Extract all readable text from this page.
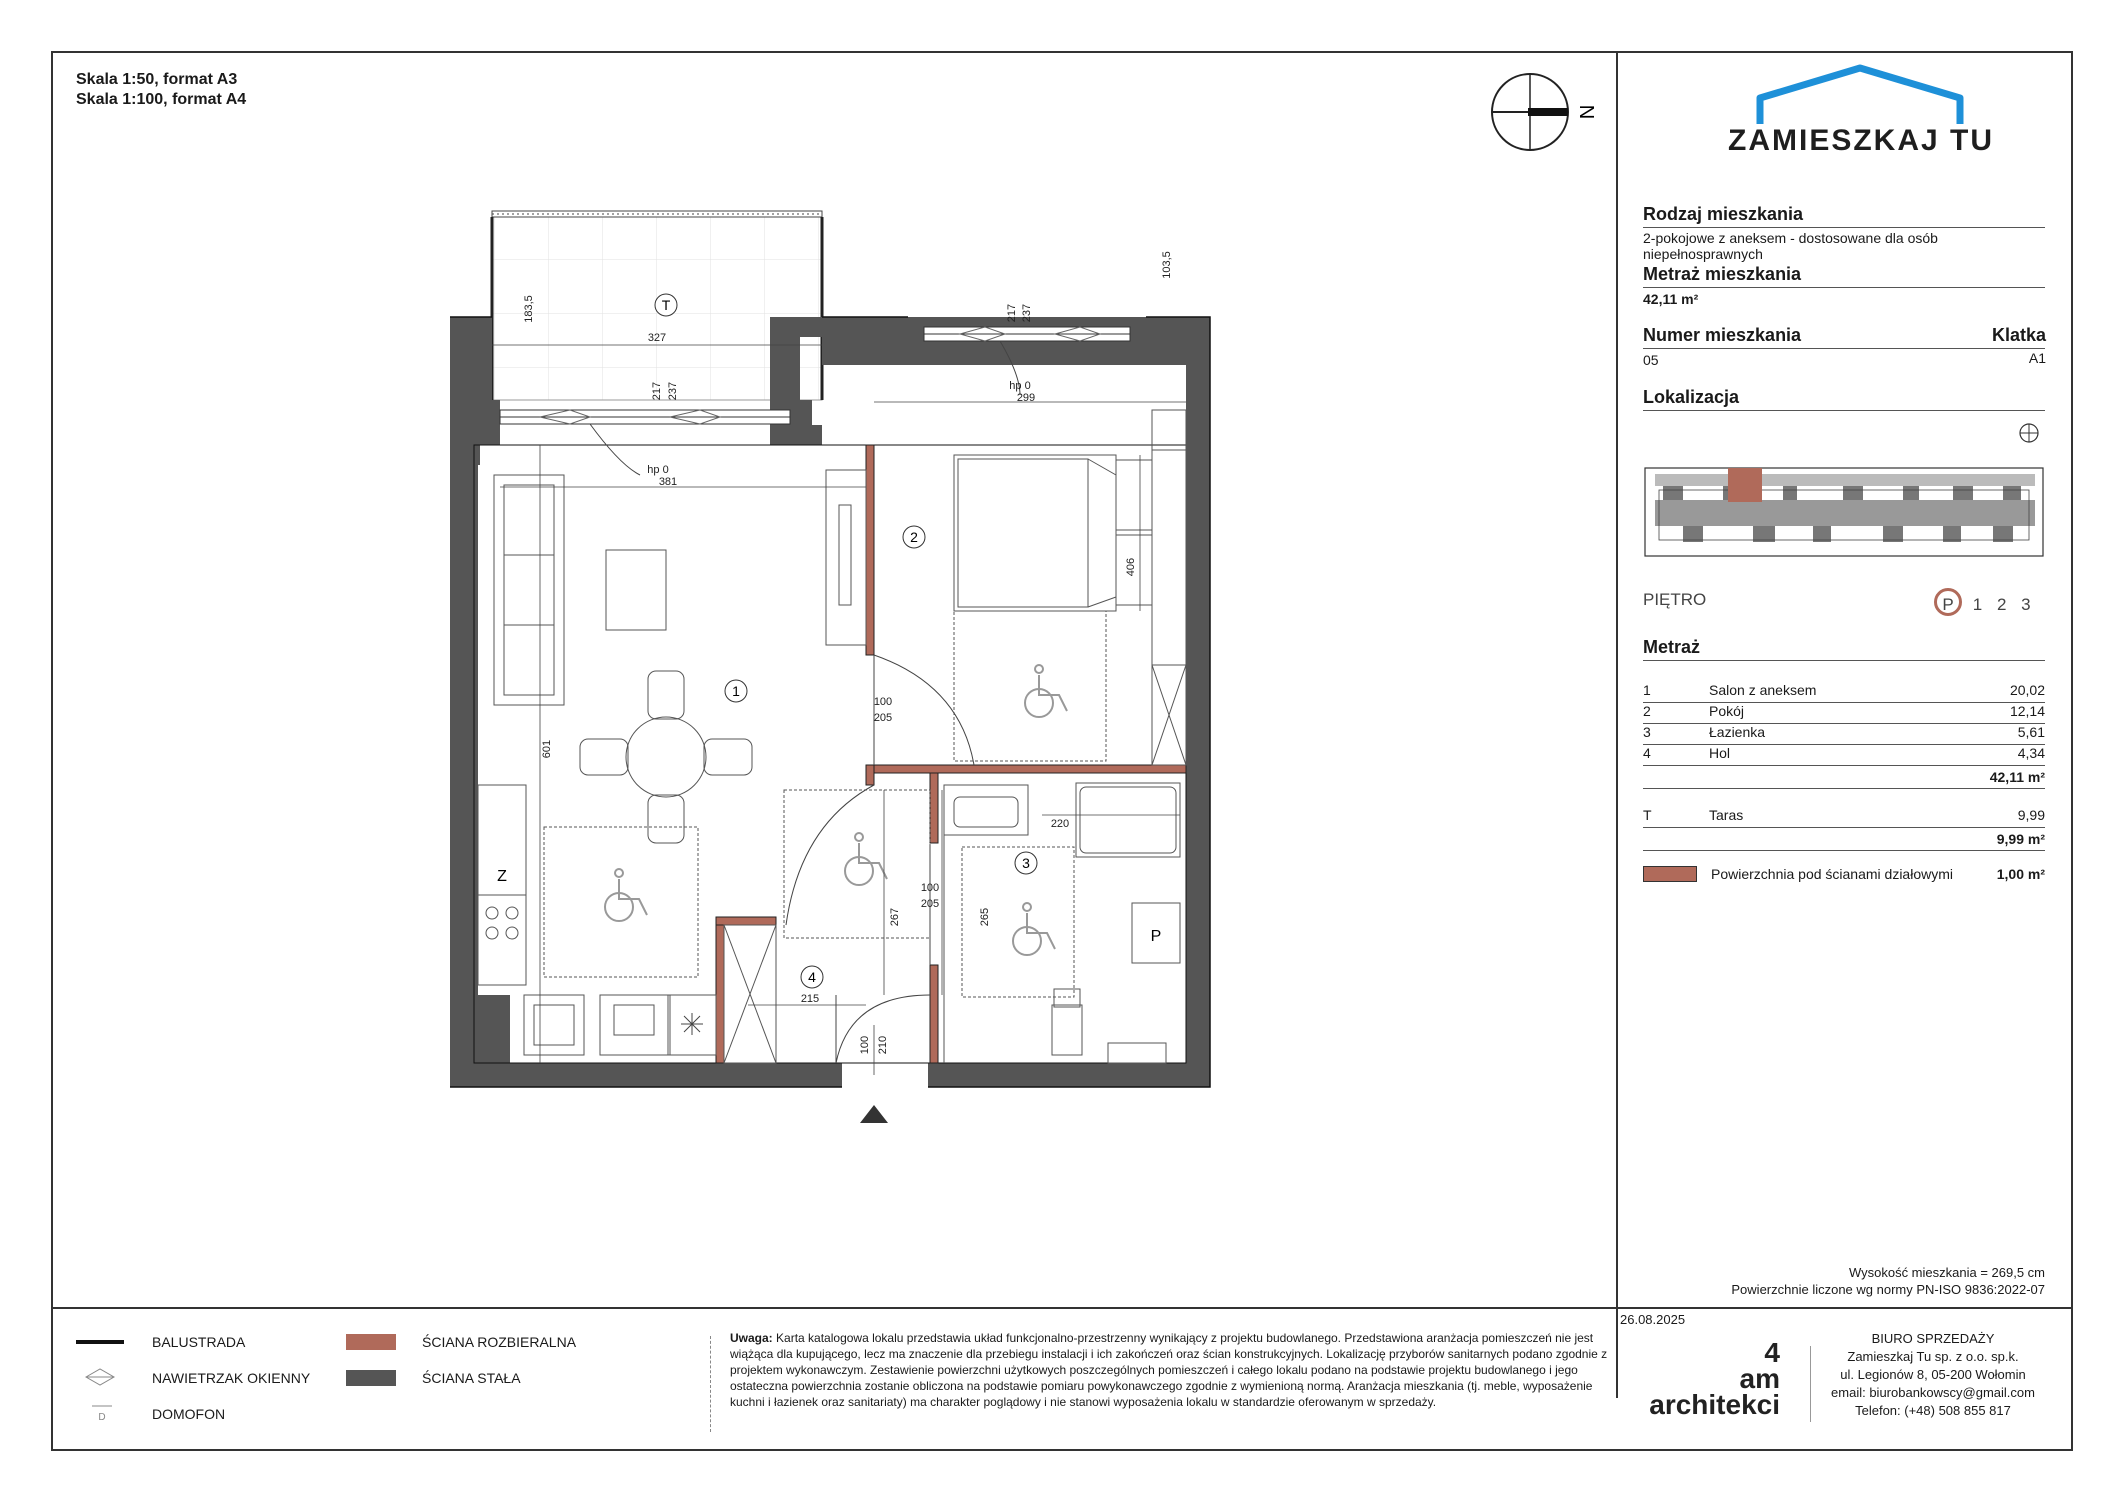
Skala 1:50, format A3
Skala 1:100, format A4
N
Z
P
327
183,5
103,5
217 237
hp 0
381
217 237
hp 0
299
601
406
100
205
100
205
215
267	265
220
100 210
T
1
2
3
4
ZAMIESZKAJ TU
Rodzaj mieszkania
2-pokojowe z aneksem - dostosowane dla osób niepełnosprawnych
Metraż mieszkania
42,11 m²
Numer mieszkania	Klatka
05	A1
Lokalizacja
PIĘTRO	P 1 2 3
Metraż
1	Salon z aneksem	20,02
2	Pokój	12,14
3	Łazienka	5,61
4	Hol	4,34
42,11 m²
T	Taras	9,99
9,99 m²
Powierzchnia pod ścianami działowymi	1,00 m²
Wysokość mieszkania = 269,5 cm
Powierzchnie liczone wg normy PN-ISO 9836:2022-07
26.08.2025
BALUSTRADA
NAWIETRZAK OKIENNY
D	DOMOFON
ŚCIANA ROZBIERALNA
ŚCIANA STAŁA
Uwaga: Karta katalogowa lokalu przedstawia układ funkcjonalno-przestrzenny wynikający z projektu budowlanego. Przedstawiona aranżacja pomieszczeń nie jest wiążąca dla kupującego, lecz ma znaczenie dla przebiegu instalacji i ich zakończeń oraz ścian konstrukcyjnych. Lokalizację przyborów sanitarnych podano zgodnie z projektem wykonawczym. Zestawienie powierzchni użytkowych poszczególnych pomieszczeń i całego lokalu podano na podstawie projektu budowlanego i jego ostateczna powierzchnia zostanie obliczona na podstawie pomiaru powykonawczego zgodnie z wymienioną normą. Aranżacja mieszkania (tj. meble, wyposażenie kuchni i łazienek oraz sanitariaty) ma charakter poglądowy i nie stanowi wyposażenia lokalu w standardzie oferowanym w sprzedaży.
4
am
architekci
BIURO SPRZEDAŻY
Zamieszkaj Tu sp. z o.o. sp.k.
ul. Legionów 8, 05-200 Wołomin
email: biurobankowscy@gmail.com
Telefon: (+48) 508 855 817
